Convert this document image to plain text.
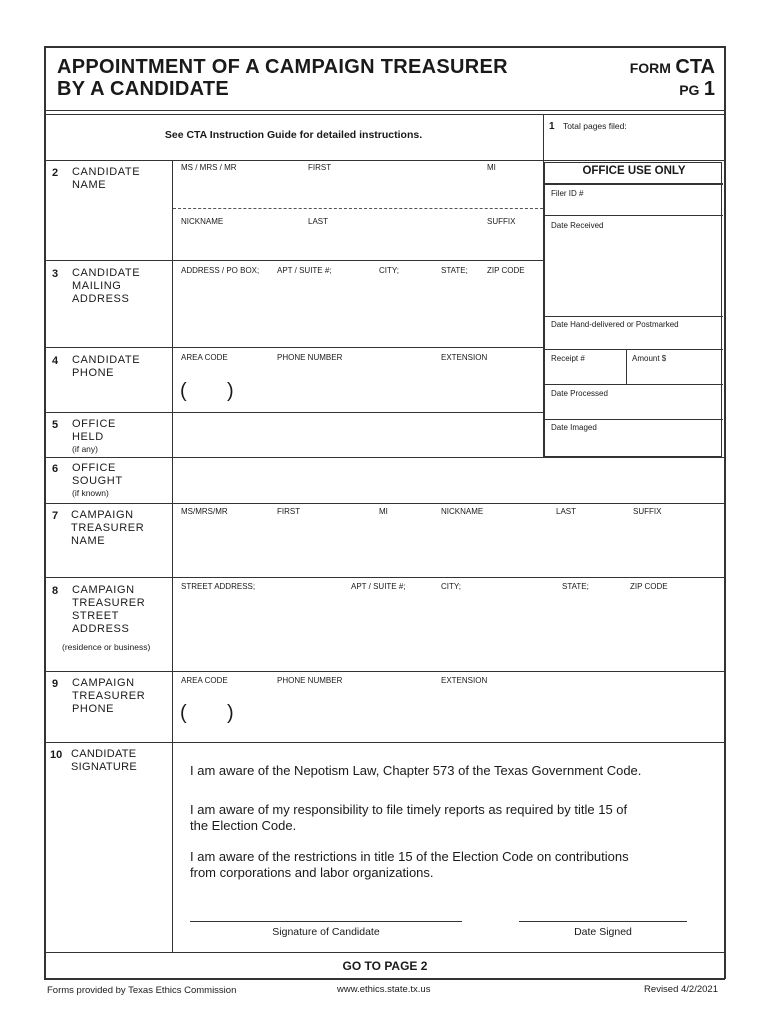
APPOINTMENT OF A CAMPAIGN TREASURER
BY A CANDIDATE
FORM CTA
PG 1
See CTA Instruction Guide for detailed instructions.
1 Total pages filed:
OFFICE USE ONLY
Filer ID #
Date Received
Date Hand-delivered or Postmarked
Receipt #	Amount $
Date Processed
Date Imaged
2 CANDIDATE
NAME
MS / MRS / MR	FIRST	MI
NICKNAME	LAST	SUFFIX
3 CANDIDATE
MAILING
ADDRESS
ADDRESS / PO BOX; APT / SUITE #;	CITY;	STATE; ZIP CODE
4 CANDIDATE
PHONE
AREA CODE	PHONE NUMBER	EXTENSION
( )
5 OFFICE
HELD
(if any)
6 OFFICE
SOUGHT
(if known)
7 CAMPAIGN
TREASURER
NAME
MS/MRS/MR	FIRST	MI	NICKNAME	LAST	SUFFIX
8 CAMPAIGN
TREASURER
STREET
ADDRESS
(residence or business)
STREET ADDRESS;	APT / SUITE #;	CITY;	STATE;	ZIP CODE
9 CAMPAIGN
TREASURER
PHONE
AREA CODE	PHONE NUMBER	EXTENSION
( )
10 CANDIDATE
SIGNATURE	I am aware of the Nepotism Law, Chapter 573 of the Texas Government Code.
I am aware of my responsibility to file timely reports as required by title 15 of
the Election Code.
I am aware of the restrictions in title 15 of the Election Code on contributions
from corporations and labor organizations.
Signature of Candidate	Date Signed
GO TO PAGE 2
Forms provided by Texas Ethics Commission	www.ethics.state.tx.us	Revised 4/2/2021
